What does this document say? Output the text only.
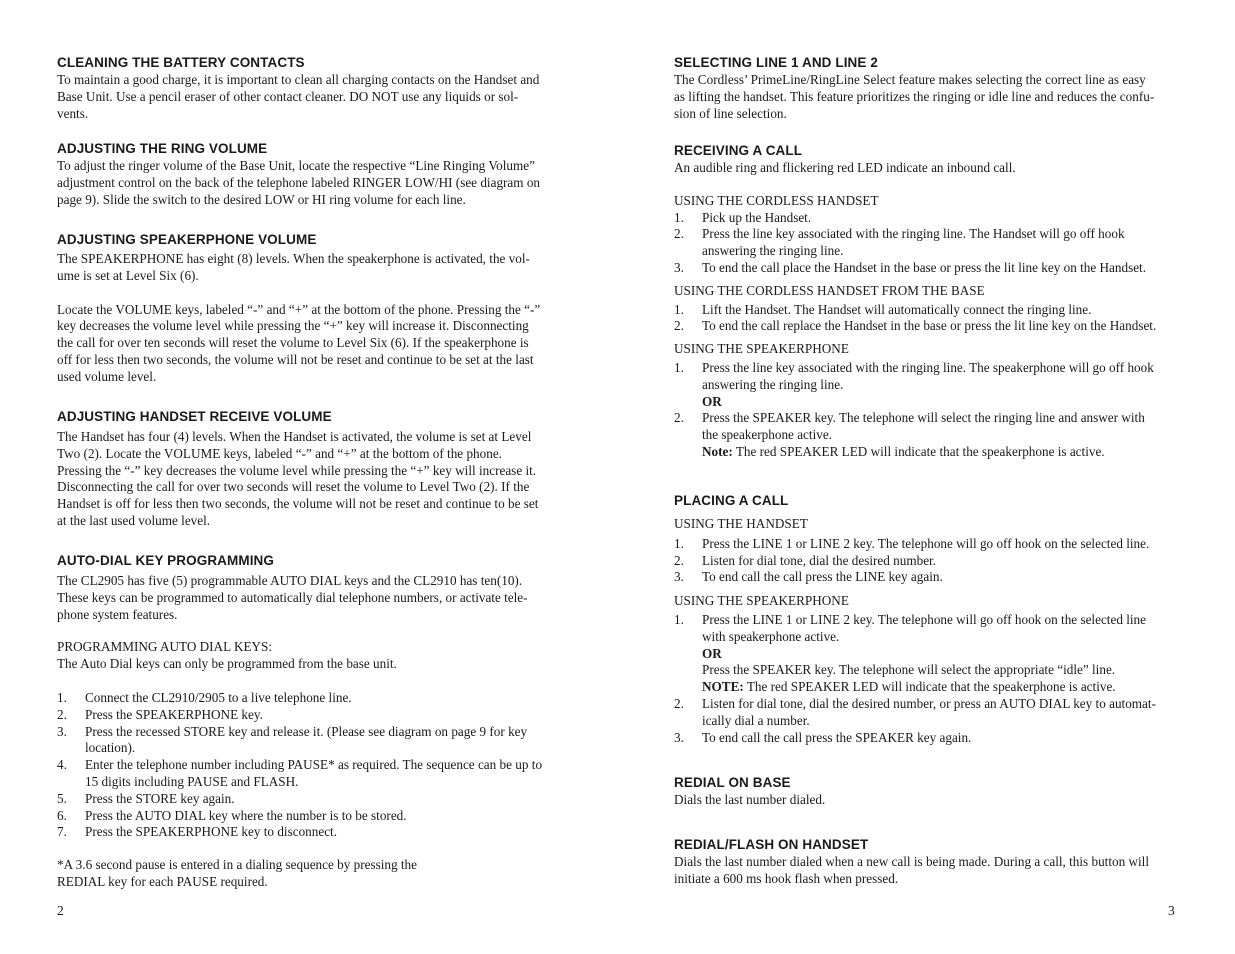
CLEANING THE BATTERY CONTACTS

To maintain a good charge, it is important to clean all charging contacts on the Handset and
Base Unit. Use a pencil eraser of other contact cleaner. DO NOT use any liquids or sol-
vents.

ADJUSTING THE RING VOLUME

To adjust the ringer volume of the Base Unit, locate the respective “Line Ringing Volume”
adjustment control on the back of the telephone labeled RINGER LOW/HI (see diagram on
page 9). Slide the switch to the desired LOW or HI ring volume for each line.

ADJUSTING SPEAKERPHONE VOLUME

The SPEAKERPHONE has eight (8) levels. When the speakerphone is activated, the vol-
ume is set at Level Six (6).

Locate the VOLUME keys, labeled “-” and “+” at the bottom of the phone. Pressing the “-”
key decreases the volume level while pressing the “+” key will increase it. Disconnecting
the call for over ten seconds will reset the volume to Level Six (6). If the speakerphone is
off for less then two seconds, the volume will not be reset and continue to be set at the last
used volume level.

ADJUSTING HANDSET RECEIVE VOLUME

The Handset has four (4) levels. When the Handset is activated, the volume is set at Level
Two (2). Locate the VOLUME keys, labeled “-” and “+” at the bottom of the phone.
Pressing the “-” key decreases the volume level while pressing the “+” key will increase it.
Disconnecting the call for over two seconds will reset the volume to Level Two (2). If the
Handset is off for less then two seconds, the volume will not be reset and continue to be set
at the last used volume level.

AUTO-DIAL KEY PROGRAMMING

The CL2905 has five (5) programmable AUTO DIAL keys and the CL2910 has ten(10).
These keys can be programmed to automatically dial telephone numbers, or activate tele-
phone system features.

PROGRAMMING AUTO DIAL KEYS:

The Auto Dial keys can only be programmed from the base unit.

1. Connect the CL2910/2905 to a live telephone line.
2. Press the SPEAKERPHONE key.
3. Press the recessed STORE key and release it. (Please see diagram on page 9 for key
location).
4. Enter the telephone number including PAUSE* as required. The sequence can be up to
15 digits including PAUSE and FLASH.
5. Press the STORE key again.
6. Press the AUTO DIAL key where the number is to be stored.
7. Press the SPEAKERPHONE key to disconnect.
*A 3.6 second pause is entered in a dialing sequence by pressing the
REDIAL key for each PAUSE required.
2
SELECTING LINE 1 AND LINE 2

The Cordless’ PrimeLine/RingLine Select feature makes selecting the correct line as easy
as lifting the handset. This feature prioritizes the ringing or idle line and reduces the confu-
sion of line selection.

RECEIVING A CALL

An audible ring and flickering red LED indicate an inbound call.

USING THE CORDLESS HANDSET
1. Pick up the Handset.
2. Press the line key associated with the ringing line. The Handset will go off hook
answering the ringing line.
3. To end the call place the Handset in the base or press the lit line key on the Handset.
USING THE CORDLESS HANDSET FROM THE BASE
1. Lift the Handset. The Handset will automatically connect the ringing line.
2. To end the call replace the Handset in the base or press the lit line key on the Handset.
USING THE SPEAKERPHONE
1. Press the line key associated with the ringing line. The speakerphone will go off hook
answering the ringing line.
OR
2. Press the SPEAKER key. The telephone will select the ringing line and answer with
the speakerphone active.
Note: The red SPEAKER LED will indicate that the speakerphone is active.
PLACING A CALL
USING THE HANDSET
1. Press the LINE 1 or LINE 2 key. The telephone will go off hook on the selected line.
2. Listen for dial tone, dial the desired number.
3. To end call the call press the LINE key again.
USING THE SPEAKERPHONE
1. Press the LINE 1 or LINE 2 key. The telephone will go off hook on the selected line
with speakerphone active.
OR
Press the SPEAKER key. The telephone will select the appropriate “idle” line.
NOTE: The red SPEAKER LED will indicate that the speakerphone is active.
2. Listen for dial tone, dial the desired number, or press an AUTO DIAL key to automat-
ically dial a number.
3. To end call the call press the SPEAKER key again.
REDIAL ON BASE

Dials the last number dialed.

REDIAL/FLASH ON HANDSET

Dials the last number dialed when a new call is being made. During a call, this button will
initiate a 600 ms hook flash when pressed.

3
